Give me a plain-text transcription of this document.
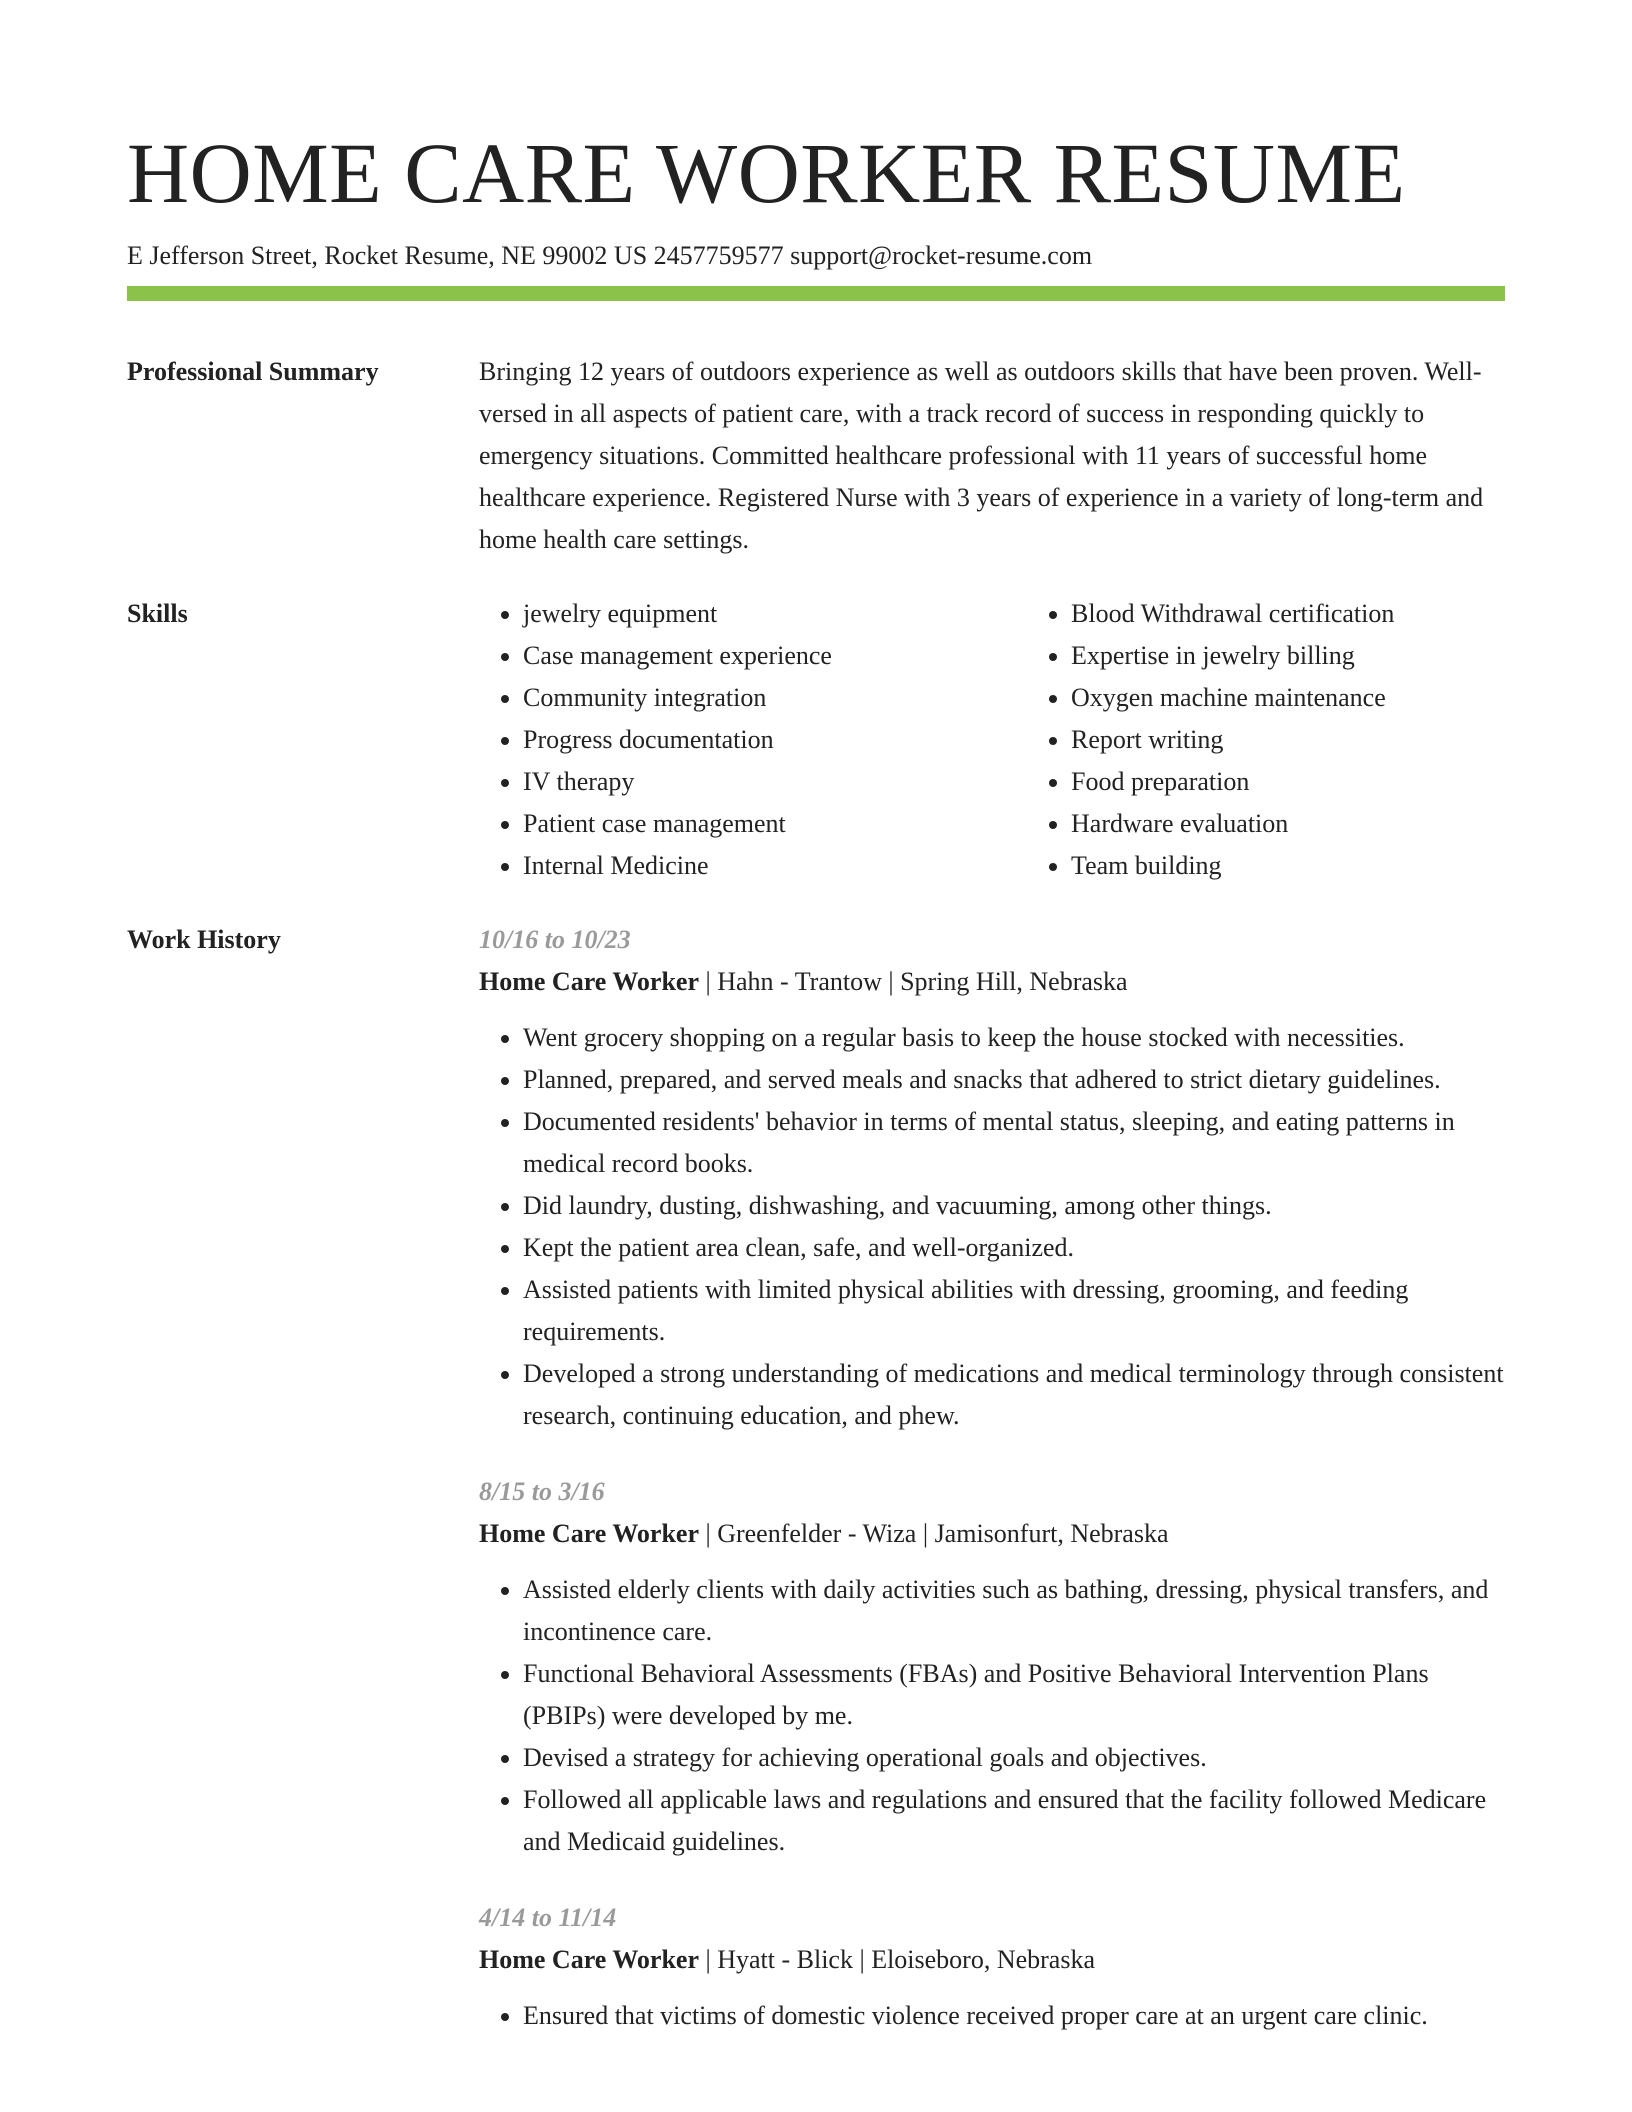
HOME CARE WORKER RESUME
E Jefferson Street, Rocket Resume, NE 99002 US 2457759577 support@rocket-resume.com
Professional Summary	Bringing 12 years of outdoors experience as well as outdoors skills that have been proven. Well-versed in all aspects of patient care, with a track record of success in responding quickly to emergency situations. Committed healthcare professional with 11 years of successful home healthcare experience. Registered Nurse with 3 years of experience in a variety of long-term and home health care settings.
Skills
•	jewelry equipment
• Case management experience
• Community integration
• Progress documentation
• IV therapy
• Patient case management
• Internal Medicine
• Blood Withdrawal certification
• Expertise in jewelry billing
• Oxygen machine maintenance
• Report writing
• Food preparation
• Hardware evaluation
• Team building
Work History	10/16 to 10/23
Home Care Worker | Hahn - Trantow | Spring Hill, Nebraska
• Went grocery shopping on a regular basis to keep the house stocked with necessities.
• Planned, prepared, and served meals and snacks that adhered to strict dietary guidelines.
• Documented residents' behavior in terms of mental status, sleeping, and eating patterns in medical record books.
• Did laundry, dusting, dishwashing, and vacuuming, among other things.
• Kept the patient area clean, safe, and well-organized.
• Assisted patients with limited physical abilities with dressing, grooming, and feeding requirements.
• Developed a strong understanding of medications and medical terminology through consistent research, continuing education, and phew.
8/15 to 3/16
Home Care Worker | Greenfelder - Wiza | Jamisonfurt, Nebraska
• Assisted elderly clients with daily activities such as bathing, dressing, physical transfers, and incontinence care.
• Functional Behavioral Assessments (FBAs) and Positive Behavioral Intervention Plans (PBIPs) were developed by me.
• Devised a strategy for achieving operational goals and objectives.
• Followed all applicable laws and regulations and ensured that the facility followed Medicare and Medicaid guidelines.
4/14 to 11/14
Home Care Worker | Hyatt - Blick | Eloiseboro, Nebraska
• Ensured that victims of domestic violence received proper care at an urgent care clinic.
